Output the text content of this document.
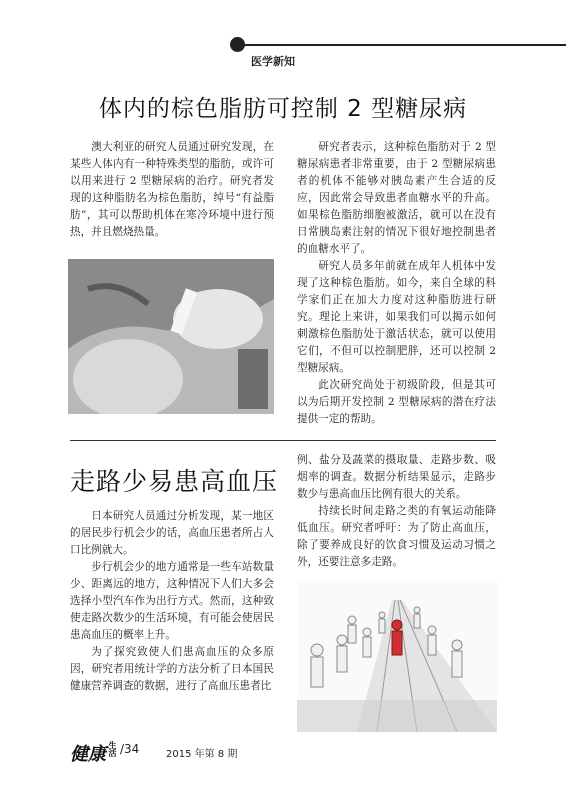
医学新知
体内的棕色脂肪可控制 2 型糖尿病

澳大利亚的研究人员通过研究发现，在某些人体内有一种特殊类型的脂肪，或许可以用来进行 2 型糖尿病的治疗。研究者发现的这种脂肪名为棕色脂肪，绰号“有益脂肪”，其可以帮助机体在寒冷环境中进行预热，并且燃烧热量。

研究者表示，这种棕色脂肪对于 2 型糖尿病患者非常重要，由于 2 型糖尿病患者的机体不能够对胰岛素产生合适的反应，因此常会导致患者血糖水平的升高。如果棕色脂肪细胞被激活，就可以在没有日常胰岛素注射的情况下很好地控制患者的血糖水平了。

研究人员多年前就在成年人机体中发现了这种棕色脂肪。如今，来自全球的科学家们正在加大力度对这种脂肪进行研究。理论上来讲，如果我们可以揭示如何刺激棕色脂肪处于激活状态，就可以使用它们，不但可以控制肥胖，还可以控制 2 型糖尿病。

此次研究尚处于初级阶段，但是其可以为后期开发控制 2 型糖尿病的潜在疗法提供一定的帮助。

走路少易患高血压

日本研究人员通过分析发现，某一地区的居民步行机会少的话，高血压患者所占人口比例就大。

步行机会少的地方通常是一些车站数量少、距离远的地方，这种情况下人们大多会选择小型汽车作为出行方式。然而，这种致使走路次数少的生活环境，有可能会使居民患高血压的概率上升。

为了探究致使人们患高血压的众多原因，研究者用统计学的方法分析了日本国民健康营养调查的数据，进行了高血压患者比

例、盐分及蔬菜的摄取量、走路步数、吸烟率的调查。数据分析结果显示，走路步数少与患高血压比例有很大的关系。

持续长时间走路之类的有氧运动能降低血压。研究者呼吁：为了防止高血压，除了要养成良好的饮食习惯及运动习惯之外，还要注意多走路。

健康 生活 /34	2015 年第 8 期
